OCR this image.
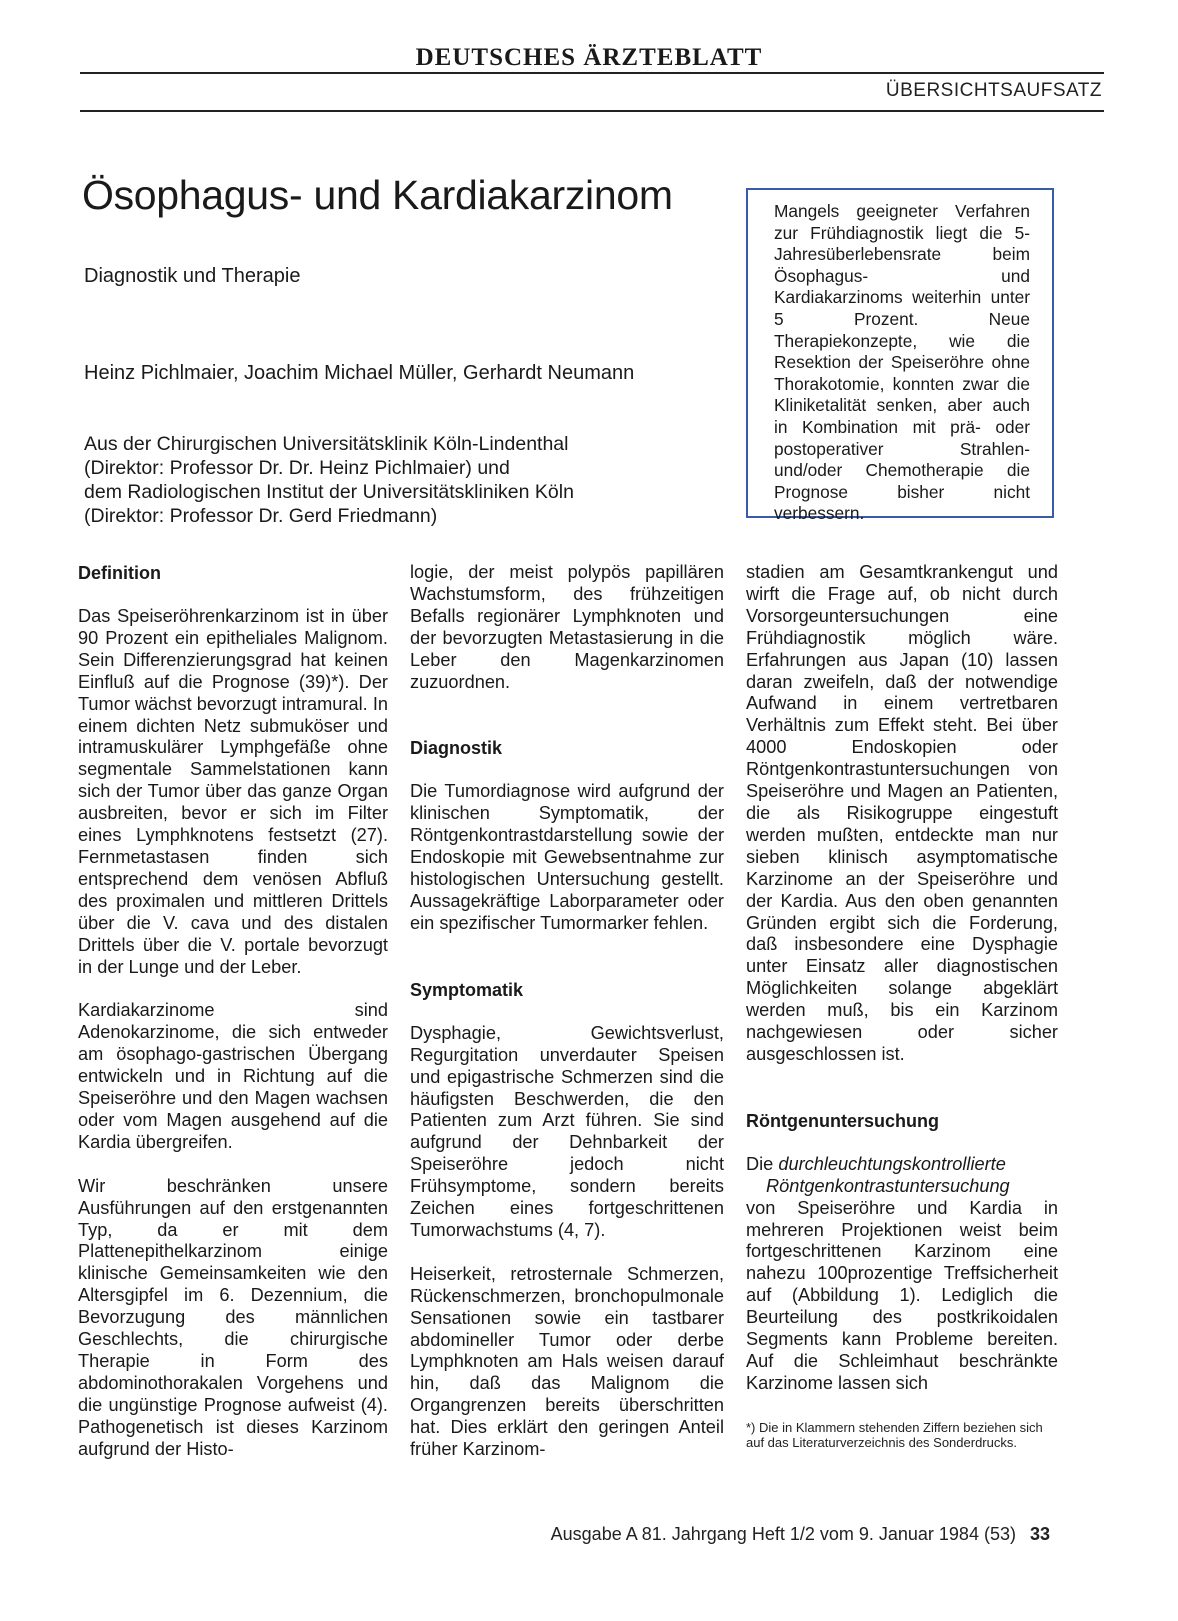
DEUTSCHES ÄRZTEBLATT
ÜBERSICHTSAUFSATZ
Ösophagus- und Kardiakarzinom
Diagnostik und Therapie
Heinz Pichlmaier, Joachim Michael Müller, Gerhardt Neumann
Aus der Chirurgischen Universitätsklinik Köln-Lindenthal
(Direktor: Professor Dr. Dr. Heinz Pichlmaier) und
dem Radiologischen Institut der Universitätskliniken Köln
(Direktor: Professor Dr. Gerd Friedmann)
Mangels geeigneter Verfahren zur Frühdiagnostik liegt die 5-Jahresüberlebensrate beim Ösophagus- und Kardiakarzinoms weiterhin unter 5 Prozent. Neue Therapiekonzepte, wie die Resektion der Speiseröhre ohne Thorakotomie, konnten zwar die Kliniketalität senken, aber auch in Kombination mit prä- oder postoperativer Strahlen- und/oder Chemotherapie die Prognose bisher nicht verbessern.
Definition

Das Speiseröhrenkarzinom ist in über 90 Prozent ein epitheliales Malignom. Sein Differenzierungsgrad hat keinen Einfluß auf die Prognose (39)*). Der Tumor wächst bevorzugt intramural. In einem dichten Netz submuköser und intramuskulärer Lymphgefäße ohne segmentale Sammelstationen kann sich der Tumor über das ganze Organ ausbreiten, bevor er sich im Filter eines Lymphknotens festsetzt (27). Fernmetastasen finden sich entsprechend dem venösen Abfluß des proximalen und mittleren Drittels über die V. cava und des distalen Drittels über die V. portale bevorzugt in der Lunge und der Leber.

Kardiakarzinome sind Adenokarzinome, die sich entweder am ösophago-gastrischen Übergang entwickeln und in Richtung auf die Speiseröhre und den Magen wachsen oder vom Magen ausgehend auf die Kardia übergreifen.

Wir beschränken unsere Ausführungen auf den erstgenannten Typ, da er mit dem Plattenepithelkarzinom einige klinische Gemeinsamkeiten wie den Altersgipfel im 6. Dezennium, die Bevorzugung des männlichen Geschlechts, die chirurgische Therapie in Form des abdominothorakalen Vorgehens und die ungünstige Prognose aufweist (4). Pathogenetisch ist dieses Karzinom aufgrund der Histo-

logie, der meist polypös papillären Wachstumsform, des frühzeitigen Befalls regionärer Lymphknoten und der bevorzugten Metastasierung in die Leber den Magenkarzinomen zuzuordnen.

Diagnostik

Die Tumordiagnose wird aufgrund der klinischen Symptomatik, der Röntgenkontrastdarstellung sowie der Endoskopie mit Gewebsentnahme zur histologischen Untersuchung gestellt. Aussagekräftige Laborparameter oder ein spezifischer Tumormarker fehlen.

Symptomatik

Dysphagie, Gewichtsverlust, Regurgitation unverdauter Speisen und epigastrische Schmerzen sind die häufigsten Beschwerden, die den Patienten zum Arzt führen. Sie sind aufgrund der Dehnbarkeit der Speiseröhre jedoch nicht Frühsymptome, sondern bereits Zeichen eines fortgeschrittenen Tumorwachstums (4, 7).

Heiserkeit, retrosternale Schmerzen, Rückenschmerzen, bronchopulmonale Sensationen sowie ein tastbarer abdomineller Tumor oder derbe Lymphknoten am Hals weisen darauf hin, daß das Malignom die Organgrenzen bereits überschritten hat. Dies erklärt den geringen Anteil früher Karzinom-

stadien am Gesamtkrankengut und wirft die Frage auf, ob nicht durch Vorsorgeuntersuchungen eine Frühdiagnostik möglich wäre. Erfahrungen aus Japan (10) lassen daran zweifeln, daß der notwendige Aufwand in einem vertretbaren Verhältnis zum Effekt steht. Bei über 4000 Endoskopien oder Röntgenkontrastuntersuchungen von Speiseröhre und Magen an Patienten, die als Risikogruppe eingestuft werden mußten, entdeckte man nur sieben klinisch asymptomatische Karzinome an der Speiseröhre und der Kardia. Aus den oben genannten Gründen ergibt sich die Forderung, daß insbesondere eine Dysphagie unter Einsatz aller diagnostischen Möglichkeiten solange abgeklärt werden muß, bis ein Karzinom nachgewiesen oder sicher ausgeschlossen ist.

Röntgenuntersuchung

Die durchleuchtungskontrollierte
Röntgenkontrastuntersuchung
von Speiseröhre und Kardia in mehreren Projektionen weist beim fortgeschrittenen Karzinom eine nahezu 100prozentige Treffsicherheit auf (Abbildung 1). Lediglich die Beurteilung des postkrikoidalen Segments kann Probleme bereiten. Auf die Schleimhaut beschränkte Karzinome lassen sich

*) Die in Klammern stehenden Ziffern beziehen sich auf das Literaturverzeichnis des Sonderdrucks.
Ausgabe A 81. Jahrgang Heft 1/2 vom 9. Januar 1984 (53) 33
